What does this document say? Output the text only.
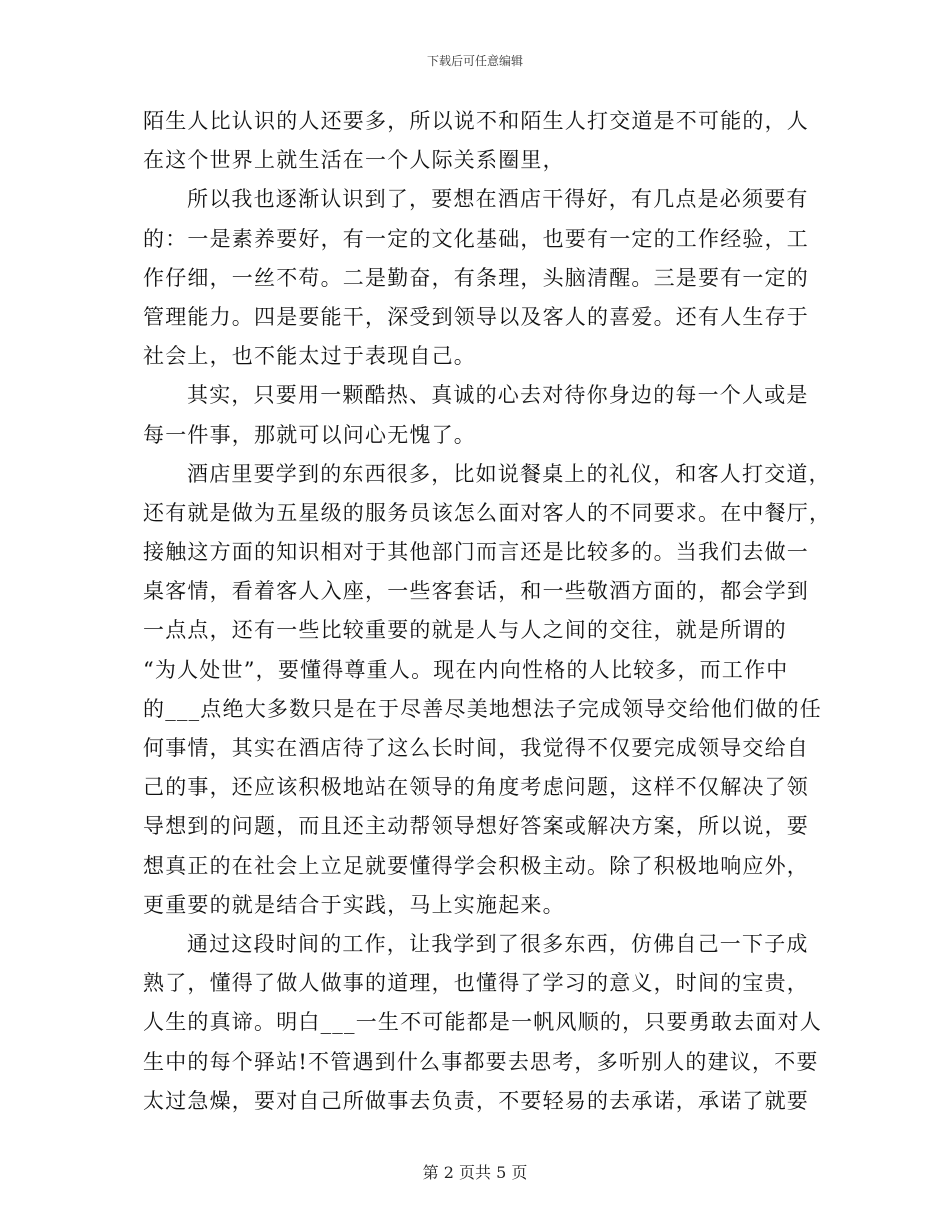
下载后可任意编辑
陌生人比认识的人还要多，所以说不和陌生人打交道是不可能的，人
在这个世界上就生活在一个人际关系圈里，
所以我也逐渐认识到了，要想在酒店干得好，有几点是必须要有
的：一是素养要好，有一定的文化基础，也要有一定的工作经验，工
作仔细，一丝不苟。二是勤奋，有条理，头脑清醒。三是要有一定的
管理能力。四是要能干，深受到领导以及客人的喜爱。还有人生存于
社会上，也不能太过于表现自己。
其实，只要用一颗酷热、真诚的心去对待你身边的每一个人或是
每一件事，那就可以问心无愧了。
酒店里要学到的东西很多，比如说餐桌上的礼仪，和客人打交道，
还有就是做为五星级的服务员该怎么面对客人的不同要求。在中餐厅，
接触这方面的知识相对于其他部门而言还是比较多的。当我们去做一
桌客情，看着客人入座，一些客套话，和一些敬酒方面的，都会学到
一点点，还有一些比较重要的就是人与人之间的交往，就是所谓的
“为人处世”，要懂得尊重人。现在内向性格的人比较多，而工作中
的___点绝大多数只是在于尽善尽美地想法子完成领导交给他们做的任
何事情，其实在酒店待了这么长时间，我觉得不仅要完成领导交给自
己的事，还应该积极地站在领导的角度考虑问题，这样不仅解决了领
导想到的问题，而且还主动帮领导想好答案或解决方案，所以说，要
想真正的在社会上立足就要懂得学会积极主动。除了积极地响应外，
更重要的就是结合于实践，马上实施起来。
通过这段时间的工作，让我学到了很多东西，仿佛自己一下子成
熟了，懂得了做人做事的道理，也懂得了学习的意义，时间的宝贵，
人生的真谛。明白___一生不可能都是一帆风顺的，只要勇敢去面对人
生中的每个驿站!不管遇到什么事都要去思考，多听别人的建议，不要
太过急燥，要对自己所做事去负责，不要轻易的去承诺，承诺了就要
第 2 页共 5 页
